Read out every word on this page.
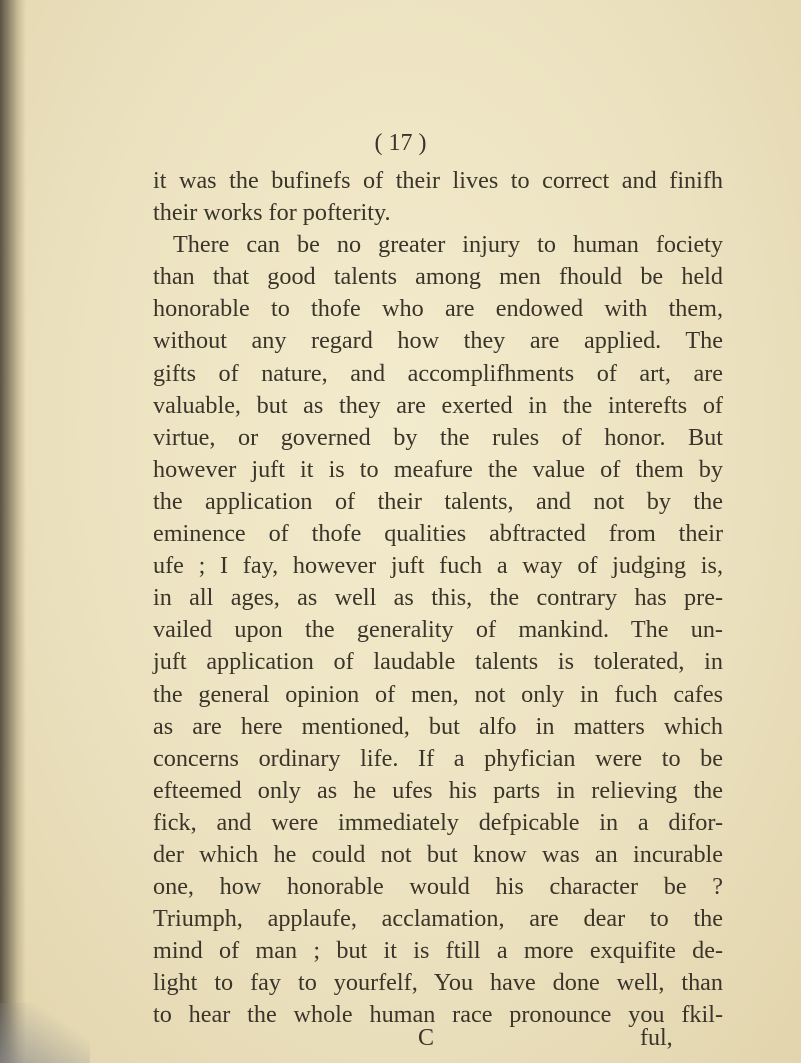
( 17 )
it was the bufinefs of their lives to correct and finifh
their works for pofterity.
There can be no greater injury to human fociety
than that good talents among men fhould be held
honorable to thofe who are endowed with them,
without any regard how they are applied. The
gifts of nature, and accomplifhments of art, are
valuable, but as they are exerted in the interefts of
virtue, or governed by the rules of honor. But
however juft it is to meafure the value of them by
the application of their talents, and not by the
eminence of thofe qualities abftracted from their
ufe ; I fay, however juft fuch a way of judging is,
in all ages, as well as this, the contrary has pre-
vailed upon the generality of mankind. The un-
juft application of laudable talents is tolerated, in
the general opinion of men, not only in fuch cafes
as are here mentioned, but alfo in matters which
concerns ordinary life. If a phyfician were to be
efteemed only as he ufes his parts in relieving the
fick, and were immediately defpicable in a difor-
der which he could not but know was an incurable
one, how honorable would his character be ?
Triumph, applaufe, acclamation, are dear to the
mind of man ; but it is ftill a more exquifite de-
light to fay to yourfelf, You have done well, than
to hear the whole human race pronounce you fkil-
C	ful,
